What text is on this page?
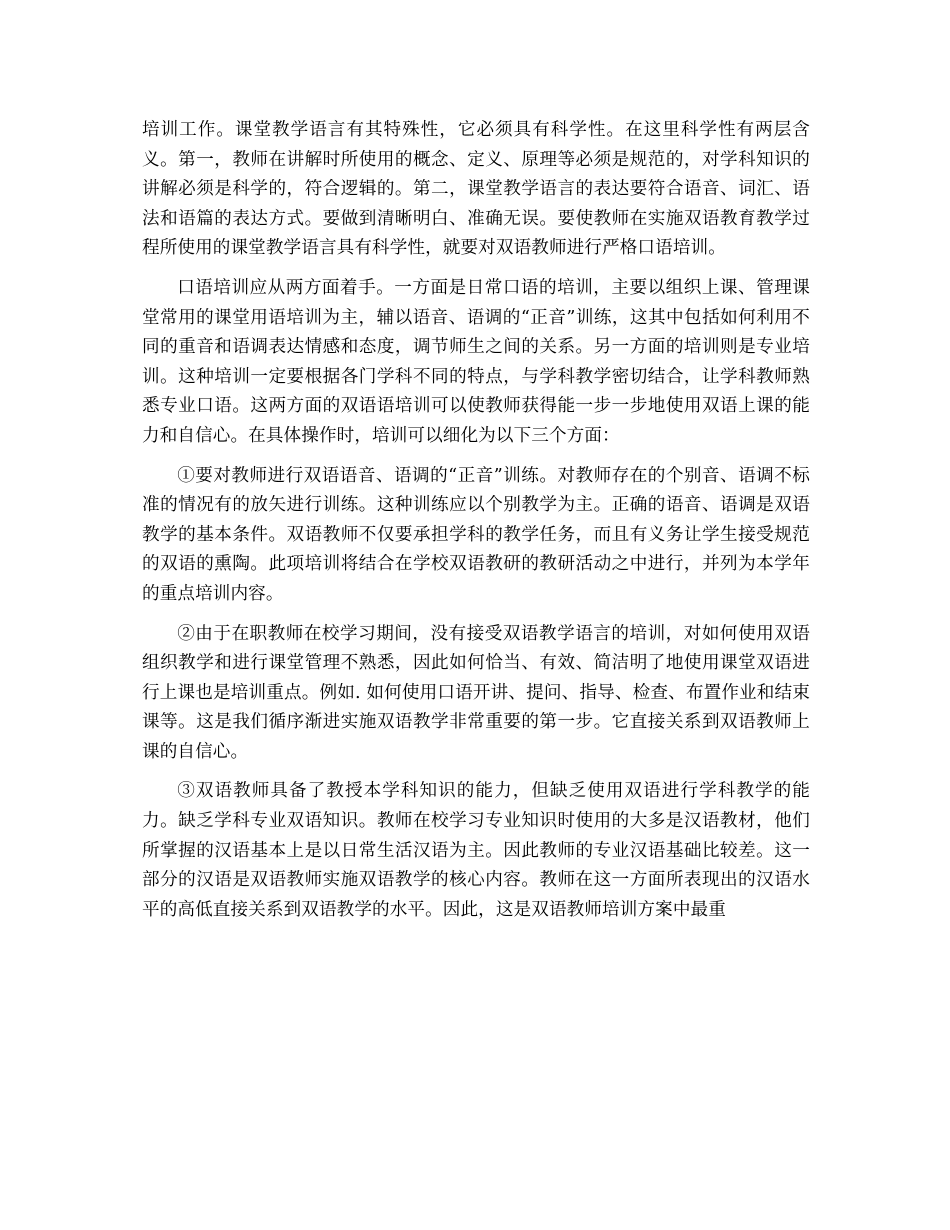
培训工作。课堂教学语言有其特殊性，它必须具有科学性。在这里科学性有两层含义。第一，教师在讲解时所使用的概念、定义、原理等必须是规范的，对学科知识的讲解必须是科学的，符合逻辑的。第二，课堂教学语言的表达要符合语音、词汇、语法和语篇的表达方式。要做到清晰明白、准确无误。要使教师在实施双语教育教学过程所使用的课堂教学语言具有科学性，就要对双语教师进行严格口语培训。

口语培训应从两方面着手。一方面是日常口语的培训，主要以组织上课、管理课堂常用的课堂用语培训为主，辅以语音、语调的“正音”训练，这其中包括如何利用不同的重音和语调表达情感和态度，调节师生之间的关系。另一方面的培训则是专业培训。这种培训一定要根据各门学科不同的特点，与学科教学密切结合，让学科教师熟悉专业口语。这两方面的双语语培训可以使教师获得能一步一步地使用双语上课的能力和自信心。在具体操作时，培训可以细化为以下三个方面：

①要对教师进行双语语音、语调的“正音”训练。对教师存在的个别音、语调不标准的情况有的放矢进行训练。这种训练应以个别教学为主。正确的语音、语调是双语教学的基本条件。双语教师不仅要承担学科的教学任务，而且有义务让学生接受规范的双语的熏陶。此项培训将结合在学校双语教研的教研活动之中进行，并列为本学年的重点培训内容。

②由于在职教师在校学习期间，没有接受双语教学语言的培训，对如何使用双语组织教学和进行课堂管理不熟悉，因此如何恰当、有效、简洁明了地使用课堂双语进行上课也是培训重点。例如. 如何使用口语开讲、提问、指导、检查、布置作业和结束课等。这是我们循序渐进实施双语教学非常重要的第一步。它直接关系到双语教师上课的自信心。

③双语教师具备了教授本学科知识的能力，但缺乏使用双语进行学科教学的能力。缺乏学科专业双语知识。教师在校学习专业知识时使用的大多是汉语教材，他们所掌握的汉语基本上是以日常生活汉语为主。因此教师的专业汉语基础比较差。这一部分的汉语是双语教师实施双语教学的核心内容。教师在这一方面所表现出的汉语水平的高低直接关系到双语教学的水平。因此，这是双语教师培训方案中最重
